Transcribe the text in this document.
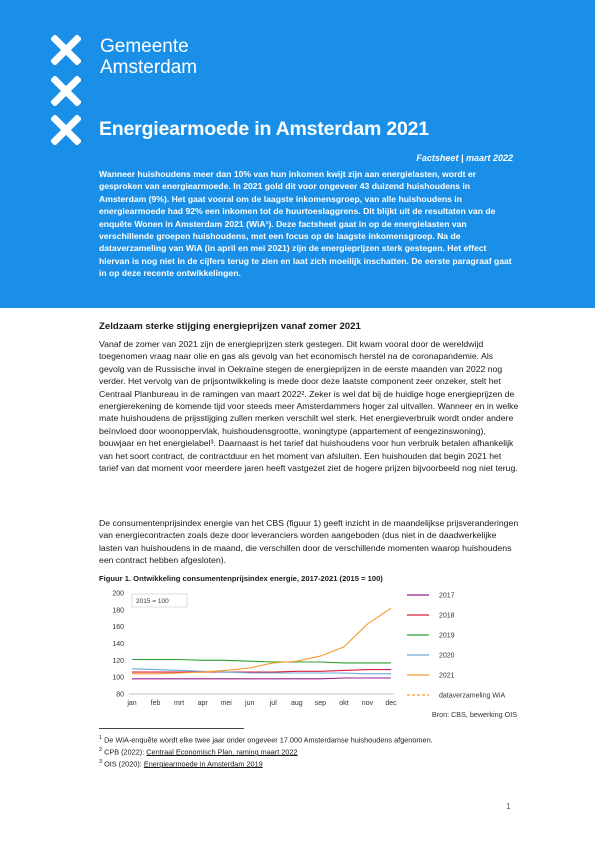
Gemeente
Amsterdam
Energiearmoede in Amsterdam 2021
Factsheet | maart 2022
Wanneer huishoudens meer dan 10% van hun inkomen kwijt zijn aan energielasten, wordt er gesproken van energiearmoede. In 2021 gold dit voor ongeveer 43 duizend huishoudens in Amsterdam (9%). Het gaat vooral om de laagste inkomensgroep, van alle huishoudens in energiearmoede had 92% een inkomen tot de huurtoeslaggrens. Dit blijkt uit de resultaten van de enquête Wonen in Amsterdam 2021 (WiA¹). Deze factsheet gaat in op de energielasten van verschillende groepen huishoudens, met een focus op de laagste inkomensgroep. Na de dataverzameling van WiA (in april en mei 2021) zijn de energieprijzen sterk gestegen. Het effect hiervan is nog niet in de cijfers terug te zien en laat zich moeilijk inschatten. De eerste paragraaf gaat in op deze recente ontwikkelingen.
Zeldzaam sterke stijging energieprijzen vanaf zomer 2021
Vanaf de zomer van 2021 zijn de energieprijzen sterk gestegen. Dit kwam vooral door de wereldwijd toegenomen vraag naar olie en gas als gevolg van het economisch herstel na de coronapandemie. Als gevolg van de Russische inval in Oekraïne stegen de energieprijzen in de eerste maanden van 2022 nog verder. Het vervolg van de prijsontwikkeling is mede door deze laatste component zeer onzeker, stelt het Centraal Planbureau in de ramingen van maart 2022². Zeker is wel dat bij de huidige hoge energieprijzen de energierekening de komende tijd voor steeds meer Amsterdammers hoger zal uitvallen. Wanneer en in welke mate huishoudens de prijsstijging zullen merken verschilt wel sterk. Het energieverbruik wordt onder andere beïnvloed door woonoppervlak, huishoudensgrootte, woningtype (appartement of eengezinswoning), bouwjaar en het energielabel³. Daarnaast is het tarief dat huishoudens voor hun verbruik betalen afhankelijk van het soort contract, de contractduur en het moment van afsluiten. Een huishouden dat begin 2021 het tarief van dat moment voor meerdere jaren heeft vastgezet ziet de hogere prijzen bijvoorbeeld nog niet terug.
De consumentenprijsindex energie van het CBS (figuur 1) geeft inzicht in de maandelijkse prijsveranderingen van energiecontracten zoals deze door leveranciers worden aangeboden (dus niet in de daadwerkelijke lasten van huishoudens in de maand, die verschillen door de verschillende momenten waarop huishoudens een contract hebben afgesloten).
Figuur 1. Ontwikkeling consumentenprijsindex energie, 2017-2021 (2015 = 100)
80
100
120
140
160
180
200
jan feb mrt apr mei jun jul aug sep okt nov dec
2015 = 100
2017
2018
2019
2020
2021
dataverzameling WiA
Bron: CBS, bewerking OIS
$^1$ De WiA-enquête wordt elke twee jaar onder ongeveer 17.000 Amsterdamse huishoudens afgenomen.
$^2$ CPB (2022): Centraal Economisch Plan, raming maart 2022
$^3$ OIS (2020): Energiearmoede in Amsterdam 2019
1
